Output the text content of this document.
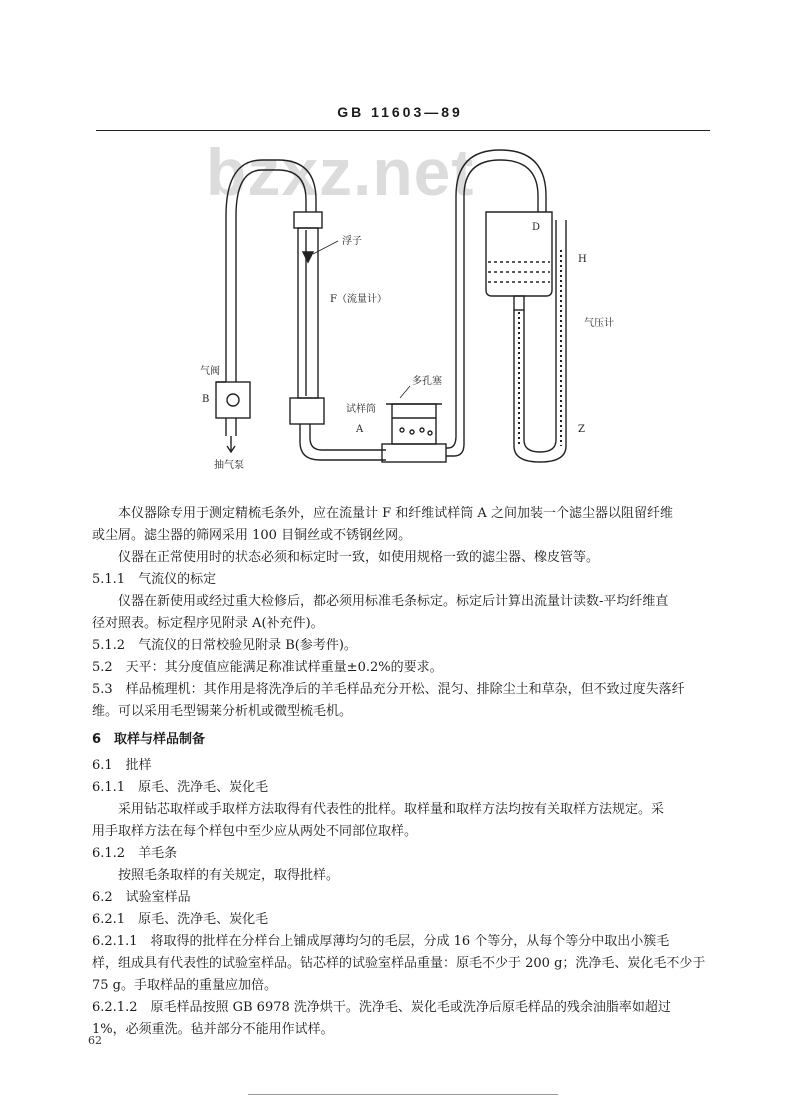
GB 11603—89
bzxz.net
浮子
F（流量计）
气阀
B
抽气泵
多孔塞
试样筒
A
D
H
气压计
Z
本仪器除专用于测定精梳毛条外，应在流量计 F 和纤维试样筒 A 之间加装一个滤尘器以阻留纤维
或尘屑。滤尘器的筛网采用 100 目铜丝或不锈钢丝网。
仪器在正常使用时的状态必须和标定时一致，如使用规格一致的滤尘器、橡皮管等。
5.1.1　气流仪的标定
仪器在新使用或经过重大检修后，都必须用标准毛条标定。标定后计算出流量计读数-平均纤维直
径对照表。标定程序见附录 A(补充件)。
5.1.2　气流仪的日常校验见附录 B(参考件)。
5.2　天平：其分度值应能满足称准试样重量±0.2%的要求。
5.3　样品梳理机：其作用是将洗净后的羊毛样品充分开松、混匀、排除尘土和草杂，但不致过度失落纤
维。可以采用毛型锡莱分析机或微型梳毛机。
6　取样与样品制备
6.1　批样
6.1.1　原毛、洗净毛、炭化毛
采用钻芯取样或手取样方法取得有代表性的批样。取样量和取样方法均按有关取样方法规定。采
用手取样方法在每个样包中至少应从两处不同部位取样。
6.1.2　羊毛条
按照毛条取样的有关规定，取得批样。
6.2　试验室样品
6.2.1　原毛、洗净毛、炭化毛
6.2.1.1　将取得的批样在分样台上铺成厚薄均匀的毛层，分成 16 个等分，从每个等分中取出小簇毛
样，组成具有代表性的试验室样品。钻芯样的试验室样品重量：原毛不少于 200 g；洗净毛、炭化毛不少于
75 g。手取样品的重量应加倍。
6.2.1.2　原毛样品按照 GB 6978 洗净烘干。洗净毛、炭化毛或洗净后原毛样品的残余油脂率如超过
1%，必须重洗。毡并部分不能用作试样。
62
